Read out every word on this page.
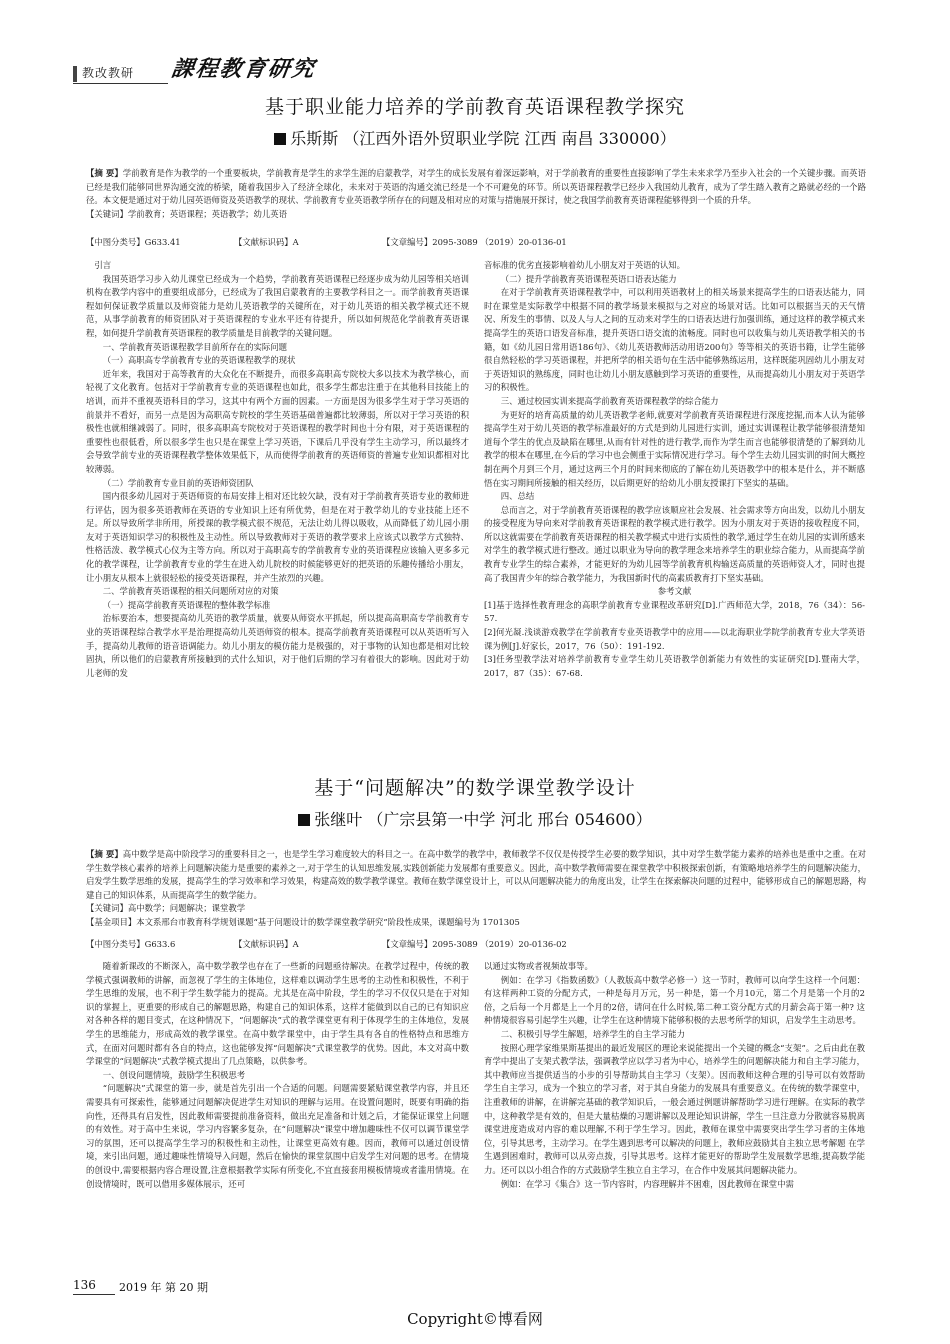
教改教研 課程教育研究
基于职业能力培养的学前教育英语课程教学探究
乐斯斯 （江西外语外贸职业学院 江西 南昌 330000）

【摘 要】学前教育是作为教学的一个重要板块，学前教育是学生的求学生涯的启蒙教学，对学生的成长发展有着深远影响，对于学前教育的重要性直接影响了学生未来求学乃至步入社会的一个关键步骤。而英语已经是我们能够同世界沟通交流的桥梁，随着我国步入了经济全球化，未来对于英语的沟通交流已经是一个不可避免的环节。所以英语课程教学已经步入我国幼儿教育，成为了学生踏入教育之路就必经的一个路径。本文便是通过对于幼儿园英语师资及英语教学的现状、学前教育专业英语教学所存在的问题及相对应的对策与措施展开探讨，使之我国学前教育英语课程能够得到一个质的升华。

【关键词】学前教育；英语课程；英语教学；幼儿英语

【中图分类号】G633.41	【文献标识码】A	【文章编号】2095-3089 （2019）20-0136-01

引言

我国英语学习步入幼儿课堂已经成为一个趋势，学前教育英语课程已经逐步成为幼儿园等相关培训机构在教学内容中的重要组成部分，已经成为了我国启蒙教育的主要教学科目之一。而学前教育英语课程如何保证教学质量以及师资能力是幼儿英语教学的关键所在，对于幼儿英语的相关教学模式还不规范，从事学前教育的师资团队对于英语课程的专业水平还有待提升，所以如何规范化学前教育英语课程，如何提升学前教育英语课程的教学质量是目前教学的关键问题。

一、学前教育英语课程教学目前所存在的实际问题

（一）高职高专学前教育专业的英语课程教学的现状

近年来，我国对于高等教育的大众化在不断提升，而很多高职高专院校大多以技术为教学核心，而轻视了文化教育。包括对于学前教育专业的英语课程也如此，很多学生都忠注重于在其他科目技能上的培训，而并不重视英语科目的学习，这其中有两个方面的因素。一方面是因为很多学生对于学习英语的前景并不看好，而另一点是因为高职高专院校的学生英语基础普遍都比较薄弱，所以对于学习英语的积极性也就相继减弱了。同时，很多高职高专院校对于英语课程的教学时间也十分有限，对于英语课程的重要性也很低看，所以很多学生也只是在课堂上学习英语，下课后几乎没有学生主动学习，所以最终才会导致学前专业的英语课程教学整体效果低下，从而使得学前教育的英语师资的普遍专业知识都相对比较薄弱。

（二）学前教育专业目前的英语师资团队

国内很多幼儿园对于英语师资的布局安排上相对还比较欠缺，没有对于学前教育英语专业的教师进行评估，因为很多英语教师在英语的专业知识上还有所优势，但是在对于教学幼儿的专业技能上还不足。所以导致所学非所用，所授课的教学模式很不规范，无法让幼儿得以吸收，从而降低了幼儿园小朋友对于英语知识学习的积极性及主动性。所以导致教师对于英语的教学要求上应该式以教学方式独特、性格活泼、教学模式心仪为主等方向。所以对于高职高专的学前教育专业的英语课程应该输入更多多元化的教学课程，让学前教育专业的学生在进入幼儿院校的时候能够更好的把英语的乐趣传播给小朋友，让小朋友从根本上就很轻松的接受英语课程，并产生浓烈的兴趣。

二、学前教育英语课程的相关问题所对应的对策

（一）提高学前教育英语课程的整体教学标准

治标要治本，想要提高幼儿英语的教学质量，就要从师资水平抓起，所以提高高职高专学前教育专业的英语课程综合教学水平是治理提高幼儿英语师资的根本。提高学前教育英语课程可以从英语听写入手，提高幼儿教师的语音语调能力。幼儿小朋友的模仿能力是极强的，对于事物的认知也都是相对比较固执，所以他们的启蒙教育所接触到的式什么知识，对于他们后期的学习有着很大的影响。因此对于幼儿老师的发

音标准的优劣直接影响着幼儿小朋友对于英语的认知。

（二）提升学前教育英语课程英语口语表达能力

在对于学前教育英语课程教学中，可以利用英语教材上的相关场景来提高学生的口语表达能力，同时在课堂是实际教学中根据不同的教学场景来模拟与之对应的场景对话。比如可以根据当天的天气情况、所发生的事情、以及人与人之间的互动来对学生的口语表达进行加强训练，通过这样的教学模式来提高学生的英语口语发音标准，提升英语口语交流的流畅度。同时也可以收集与幼儿英语教学相关的书籍，如《幼儿园日常用语186句》、《幼儿英语教师活动用语200句》等等相关的英语书籍，让学生能够很自然轻松的学习英语课程，并把所学的相关语句在生活中能够熟练运用，这样既能巩固幼儿小朋友对于英语知识的熟练度，同时也让幼儿小朋友感触到学习英语的重要性，从而提高幼儿小朋友对于英语学习的积极性。

三、通过校园实训来提高学前教育英语课程教学的综合能力

为更好的培育高质量的幼儿英语教学老师,就要对学前教育英语课程进行深度挖掘,而本人认为能够提高学生对于幼儿英语的教学标准最好的方式是到幼儿园进行实训，通过实训课程让教学能够很清楚知道每个学生的优点及缺陷在哪里,从而有针对性的进行教学,而作为学生而言也能够很清楚的了解到幼儿教学的根本在哪里,在今后的学习中也会侧重于实际情况进行学习。每个学生去幼儿园实训的时间大概控制在两个月到三个月，通过这两三个月的时间来彻底的了解在幼儿英语教学中的根本是什么，并不断感悟在实习期间所接触的相关经历，以后期更好的给幼儿小朋友授课打下坚实的基础。

四、总结

总而言之，对于学前教育英语课程的教学应该顺应社会发展、社会需求等方向出发，以幼儿小朋友的接受程度为导向来对学前教育英语课程的教学模式进行教学。因为小朋友对于英语的接收程度不同，所以这就需要在学前教育英语课程的相关教学模式中进行实质性的教学,通过学生在幼儿园的实训所感来对学生的教学模式进行整改。通过以职业为导向的教学理念来培养学生的职业综合能力，从而提高学前教育专业学生的综合素养，才能更好的为幼儿园等学前教育机构输送高质量的英语师资人才，同时也提高了我国青少年的综合教学能力，为我国新时代的高素质教育打下坚实基础。

参考文献

[1]基于选择性教育理念的高职学前教育专业课程改革研究[D].广西师范大学，2018，76（34）：56-57.

[2]何光凝.浅谈游戏教学在学前教育专业英语教学中的应用——以北海职业学院学前教育专业大学英语课为例[J].好家长，2017，76（50）：191-192.

[3]任务型教学法对培养学前教育专业学生幼儿英语教学创新能力有效性的实证研究[D].暨南大学，2017，87（35）：67-68.

基于“问题解决”的数学课堂教学设计
张继叶 （广宗县第一中学 河北 邢台 054600）

【摘 要】高中数学是高中阶段学习的重要科目之一，也是学生学习难度较大的科目之一。在高中数学的教学中，教师教学不仅仅是传授学生必要的数学知识，其中对学生数学能力素养的培养也是重中之重。在对学生数学核心素养的培养上问题解决能力是重要的素养之一,对于学生的认知思维发展,实践创新能力发展都有重要意义。因此，高中数学教师需要在课堂教学中积极探索创新，有策略地培养学生的问题解决能力，启发学生数学思维的发展，提高学生的学习效率和学习效果，构建高效的数学教学课堂。教师在数学课堂设计上，可以从问题解决能力的角度出发，让学生在探索解决问题的过程中，能够形成自己的解题思路，构建自己的知识体系，从而提高学生的数学能力。

【关键词】高中数学；问题解决；课堂教学

【基金项目】本文系邢台市教育科学规划课题“基于问题设计的数学课堂教学研究”阶段性成果，课题编号为 1701305

【中图分类号】G633.6	【文献标识码】A	【文章编号】2095-3089 （2019）20-0136-02

随着新课改的不断深入，高中数学教学也存在了一些新的问题亟待解决。在教学过程中，传统的教学模式强调教师的讲解，而忽视了学生的主体地位，这样难以调动学生思考的主动性和积极性，不利于学生思维的发展，也不利于学生数学能力的提高。尤其是在高中阶段，学生的学习不仅仅只是在于对知识的掌握上，更重要的形成自己的解题思路，构建自己的知识体系，这样才能做到以自己的已有知识应对各种各样的题目变式，在这种情况下，“问题解决”式的教学课堂更有利于体现学生的主体地位，发展学生的思维能力，形成高效的教学课堂。在高中数学课堂中，由于学生具有各自的性格特点和思维方式，在面对问题时都有各自的特点，这也能够发挥“问题解决”式课堂教学的优势。因此，本文对高中数学课堂的“问题解决”式教学模式提出了几点策略，以供参考。

一、创设问题情境，鼓励学生积极思考

“问题解决”式课堂的第一步，就是首先引出一个合适的问题。问题需要紧贴课堂教学内容，并且还需要具有可探索性，能够通过问题解决促进学生对知识的理解与运用。在设置问题时，既要有明确的指向性，还得具有启发性，因此教师需要提前准备资料，做出充足准备和计划之后，才能保证课堂上问题的有效性。对于高中生来说，学习内容繁多复杂，在“问题解决”课堂中增加趣味性不仅可以调节课堂学习的氛围，还可以提高学生学习的积极性和主动性，让课堂更高效有趣。因而，教师可以通过创设情境，来引出问题，通过趣味性情境导入问题，然后在愉快的课堂氛围中启发学生对问题的思考。在情境的创设中,需要根据内容合理设置,注意根据教学实际有所变化,不宜直接套用模板情境或者滥用情境。在创设情境时，既可以借用多媒体展示，还可

以通过实物或者视频故事等。

例如：在学习《指数函数》（人教版高中数学必修一）这一节时，教师可以向学生这样一个问题：有这样两种工资的分配方式，一种是每月万元，另一种是，第一个月10元，第二个月是第一个月的2倍，之后每一个月都是上一个月的2倍，请问在什么时候,第二种工资分配方式的月薪会高于第一种? 这种情境很容易引起学生兴趣，让学生在这种情境下能够积极的去思考所学的知识，启发学生主动思考。

二、积极引导学生解题，培养学生的自主学习能力

按照心理学家维果斯基提出的最近发展区的理论来说能提出一个关键的概念“支架”。之后由此在教育学中提出了支架式教学法，强调教学应以学习者为中心，培养学生的问题解决能力和自主学习能力，其中教师应当提供适当的小步的引导帮助其自主学习（支架）。因而教师这种合理的引导可以有效帮助学生自主学习，成为一个独立的学习者，对于其自身能力的发展具有重要意义。在传统的数学课堂中，注重教师的讲解，在讲解完基础的教学知识后，一般会通过例题讲解帮助学习进行理解。在实际的教学中，这种教学是有效的，但是大量枯燥的习题讲解以及理论知识讲解，学生一旦注意力分散就容易脱离课堂进度造成对内容的难以理解,不利于学生学习。因此，教师在课堂中需要突出学生学习者的主体地位，引导其思考，主动学习。在学生遇到思考可以解决的问题上，教师应鼓励其自主独立思考解题 在学生遇到困难时，教师可以从旁点拨，引导其思考。这样才能更好的帮助学生发展数学思维,提高数学能力。还可以以小组合作的方式鼓励学生独立自主学习，在合作中发展其问题解决能力。

例如：在学习《集合》这一节内容时，内容理解并不困难，因此教师在课堂中需

136 2019 年 第 20 期
Copyright©博看网
